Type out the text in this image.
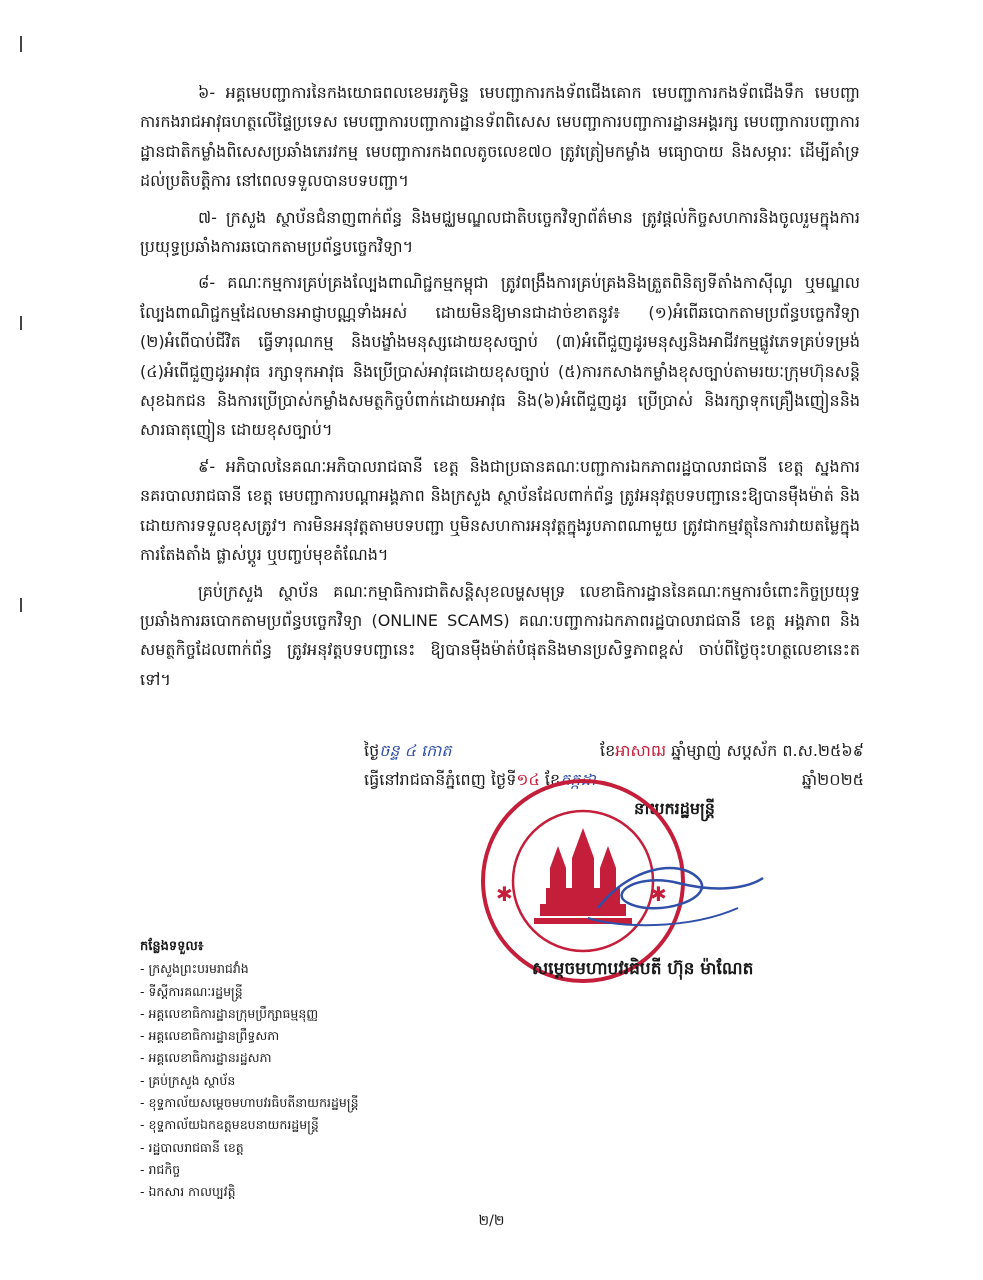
៦- អគ្គមេបញ្ជាការនៃកងយោធពលខេមរភូមិន្ទ មេបញ្ជាការកងទ័ពជើងគោក មេបញ្ជាការកងទ័ពជើងទឹក មេបញ្ជាការកងរាជអាវុធហត្ថលើផ្ទៃប្រទេស មេបញ្ជាការបញ្ជាការដ្ឋានទ័ពពិសេស មេបញ្ជាការបញ្ជាការដ្ឋានអង្គរក្ស មេបញ្ជាការបញ្ជាការដ្ឋានជាតិកម្លាំងពិសេសប្រឆាំងភេរវកម្ម មេបញ្ជាការកងពលតូចលេខ៧០ ត្រូវត្រៀមកម្លាំង មធ្យោបាយ និងសម្ភារៈ ដើម្បីគាំទ្រដល់ប្រតិបត្តិការ នៅពេលទទួលបានបទបញ្ជា។

៧- ក្រសួង ស្ថាប័នជំនាញពាក់ព័ន្ធ និងមជ្ឈមណ្ឌលជាតិបច្ចេកវិទ្យាព័ត៌មាន ត្រូវផ្ដល់កិច្ចសហការនិងចូលរួមក្នុងការប្រយុទ្ធប្រឆាំងការឆបោកតាមប្រព័ន្ធបច្ចេកវិទ្យា។

៨- គណៈកម្មការគ្រប់គ្រងល្បែងពាណិជ្ជកម្មកម្ពុជា ត្រូវពង្រឹងការគ្រប់គ្រងនិងត្រួតពិនិត្យទីតាំងកាស៊ីណូ ឬមណ្ឌលល្បែងពាណិជ្ជកម្មដែលមានអាជ្ញាបណ្ណទាំងអស់ ដោយមិនឱ្យមានជាដាច់ខាតនូវ៖ (១)អំពើឆបោកតាមប្រព័ន្ធបច្ចេកវិទ្យា (២)អំពើបាប់ជីវិត ធ្វើទារុណកម្ម និងបង្ខាំងមនុស្សដោយខុសច្បាប់ (៣)អំពើជួញដូរមនុស្សនិងអាជីវកម្មផ្លូវភេទគ្រប់ទម្រង់ (៤)អំពើជួញដូរអាវុធ រក្សាទុកអាវុធ និងប្រើប្រាស់អាវុធដោយខុសច្បាប់ (៥)ការកសាងកម្លាំងខុសច្បាប់តាមរយៈក្រុមហ៊ុនសន្តិសុខឯកជន និងការប្រើប្រាស់កម្លាំងសមត្ថកិច្ចបំពាក់ដោយអាវុធ និង(៦)អំពើជួញដូរ ប្រើប្រាស់ និងរក្សាទុកគ្រឿងញៀននិងសារធាតុញៀន ដោយខុសច្បាប់។

៩- អភិបាលនៃគណៈអភិបាលរាជធានី ខេត្ត និងជាប្រធានគណៈបញ្ជាការឯកភាពរដ្ឋបាលរាជធានី ខេត្ត ស្នងការនគរបាលរាជធានី ខេត្ត មេបញ្ជាការបណ្ដាអង្គភាព និងក្រសួង ស្ថាប័នដែលពាក់ព័ន្ធ ត្រូវអនុវត្តបទបញ្ជានេះឱ្យបានម៉ឺងម៉ាត់ និងដោយការទទួលខុសត្រូវ។ ការមិនអនុវត្តតាមបទបញ្ជា ឬមិនសហការអនុវត្តក្នុងរូបភាពណាមួយ ត្រូវជាកម្មវត្ថុនៃការវាយតម្លៃក្នុងការតែងតាំង ផ្លាស់ប្តូរ ឬបញ្ចប់មុខតំណែង។

គ្រប់ក្រសួង ស្ថាប័ន គណៈកម្មាធិការជាតិសន្តិសុខលម្ហសមុទ្រ លេខាធិការដ្ឋាននៃគណៈកម្មការចំពោះកិច្ចប្រយុទ្ធប្រឆាំងការឆបោកតាមប្រព័ន្ធបច្ចេកវិទ្យា (ONLINE SCAMS) គណៈបញ្ជាការឯកភាពរដ្ឋបាលរាជធានី ខេត្ត អង្គភាព និងសមត្ថកិច្ចដែលពាក់ព័ន្ធ ត្រូវអនុវត្តបទបញ្ជានេះ ឱ្យបានម៉ឺងម៉ាត់បំផុតនិងមានប្រសិទ្ធភាពខ្ពស់ ចាប់ពីថ្ងៃចុះហត្ថលេខានេះតទៅ។

ថ្ងៃចន្ទ ៤ កោត	ខែអាសាឍ ឆ្នាំម្សាញ់ សប្តស័ក ព.ស.២៥៦៩
ធ្វើនៅរាជធានីភ្នំពេញ ថ្ងៃទី១៤ ខែកក្កដា	ឆ្នាំ២០២៥
នាយករដ្ឋមន្ត្រី
✱	✱
សម្តេចមហាបវរធិបតី ហ៊ុន ម៉ាណែត
កន្លែងទទួល៖
- ក្រសួងព្រះបរមរាជវាំង
- ទីស្តីការគណៈរដ្ឋមន្ត្រី
- អគ្គលេខាធិការដ្ឋានក្រុមប្រឹក្សាធម្មនុញ្ញ
- អគ្គលេខាធិការដ្ឋានព្រឹទ្ធសភា
- អគ្គលេខាធិការដ្ឋានរដ្ឋសភា
- គ្រប់ក្រសួង ស្ថាប័ន
- ខុទ្ទកាល័យសម្តេចមហាបវរធិបតីនាយករដ្ឋមន្ត្រី
- ខុទ្ទកាល័យឯកឧត្តមឧបនាយករដ្ឋមន្ត្រី
- រដ្ឋបាលរាជធានី ខេត្ត
- រាជកិច្ច
- ឯកសារ កាលប្បវត្តិ
២/២
